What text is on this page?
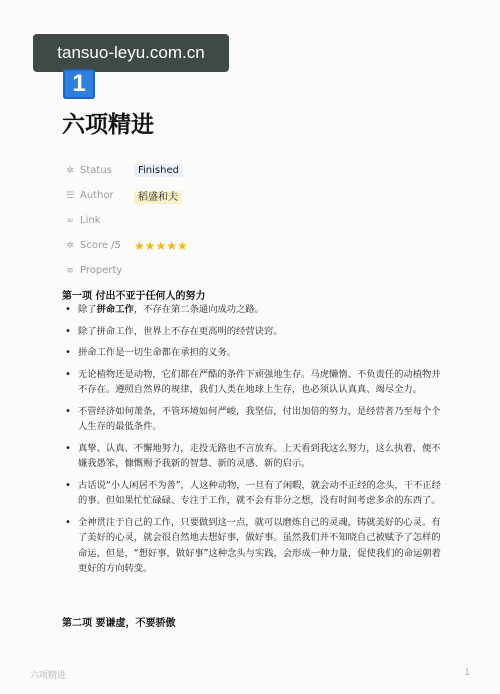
tansuo-leyu.com.cn
1
六项精进
✲ Status	Finished
☰ Author	稻盛和夫
∞ Link
✲ Score /5 ★★★★★
≡ Property
第一项 付出不亚于任何人的努力
• 除了拼命工作，不存在第二条通向成功之路。
• 除了拼命工作，世界上不存在更高明的经营诀窍。
• 拼命工作是一切生命都在承担的义务。
• 无论植物还是动物，它们都在严酷的条件下顽强地生存。马虎懒惰、不负责任的动植物并不存在。遵照自然界的规律，我们人类在地球上生存，也必须认认真真、竭尽全力。
• 不管经济如何萧条，不管环境如何严峻，我坚信，付出加倍的努力，是经营者乃至每个个人生存的最低条件。
• 真挚、认真、不懈地努力，走投无路也不言放弃。上天看到我这么努力，这么执着，便不嫌我愚笨，慷慨赐予我新的智慧、新的灵感、新的启示。
• 古话说“小人闲居不为善”，人这种动物，一旦有了闲暇，就会动不正经的念头，干不正经的事。但如果忙忙碌碌、专注于工作，就不会有非分之想，没有时间考虑多余的东西了。
• 全神贯注于自己的工作，只要做到这一点，就可以磨炼自己的灵魂，铸就美好的心灵。有了美好的心灵，就会很自然地去想好事，做好事。虽然我们并不知晓自己被赋予了怎样的命运，但是，“想好事，做好事”这种念头与实践，会形成一种力量，促使我们的命运朝着更好的方向转变。
第二项 要谦虚，不要骄傲
六项精进	1
